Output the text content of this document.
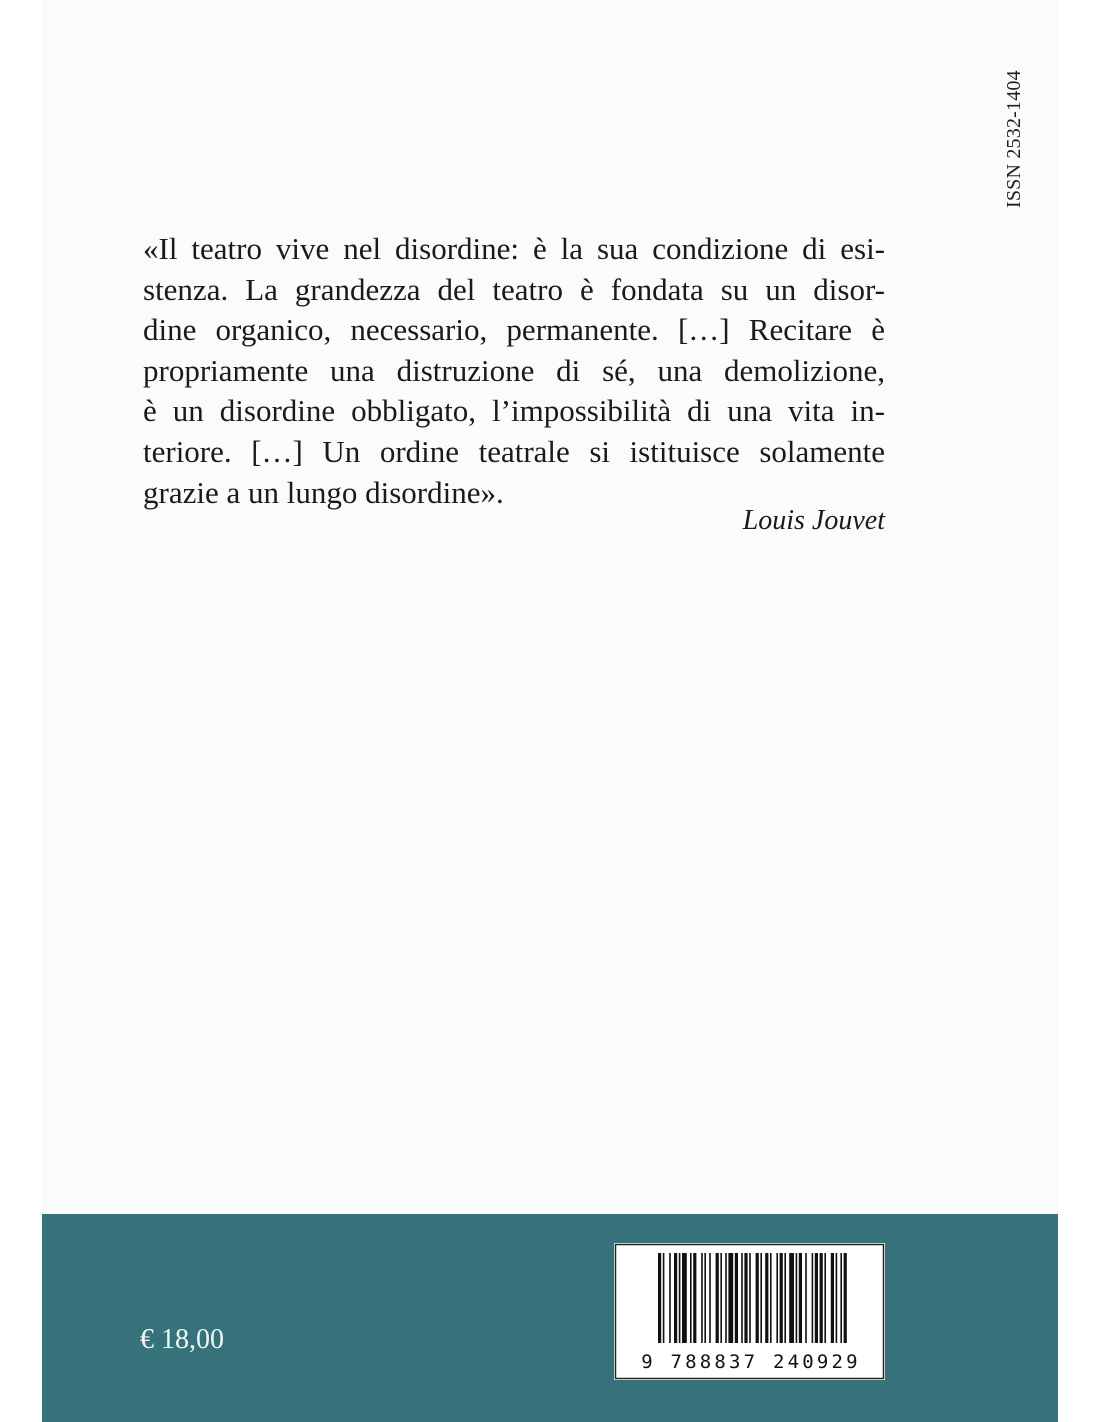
ISSN 2532-1404
«Il teatro vive nel disordine: è la sua condizione di esi-
stenza. La grandezza del teatro è fondata su un disor-
dine organico, necessario, permanente. […] Recitare è
propriamente una distruzione di sé, una demolizione,
è un disordine obbligato, l’impossibilità di una vita in-
teriore. […] Un ordine teatrale si istituisce solamente
grazie a un lungo disordine».
Louis Jouvet
€ 18,00
9 788837 240929
